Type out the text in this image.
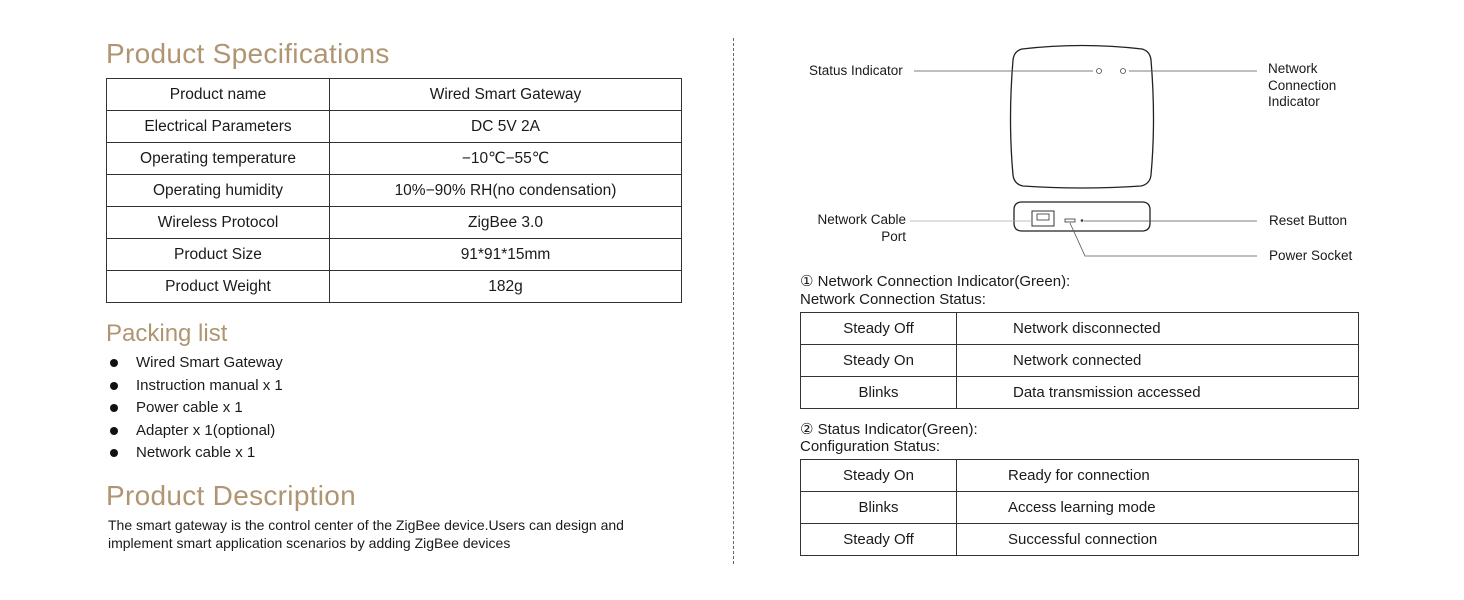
Product Specifications
Product name	Wired Smart Gateway
Electrical Parameters	DC 5V 2A
Operating temperature	−10℃−55℃
Operating humidity	10%−90% RH(no condensation)
Wireless Protocol	ZigBee 3.0
Product Size	91*91*15mm
Product Weight	182g
Packing list
Wired Smart Gateway
Instruction manual x 1
Power cable x 1
Adapter x 1(optional)
Network cable x 1
Product Description
The smart gateway is the control center of the ZigBee device.Users can design and implement smart application scenarios by adding ZigBee devices
Status Indicator	Network Connection Indicator
Network Cable Port
Reset Button
Power Socket
① Network Connection Indicator(Green):
Network Connection Status:
Steady Off	Network disconnected
Steady On	Network connected
Blinks	Data transmission accessed
② Status Indicator(Green):
Configuration Status:
Steady On	Ready for connection
Blinks	Access learning mode
Steady Off	Successful connection
